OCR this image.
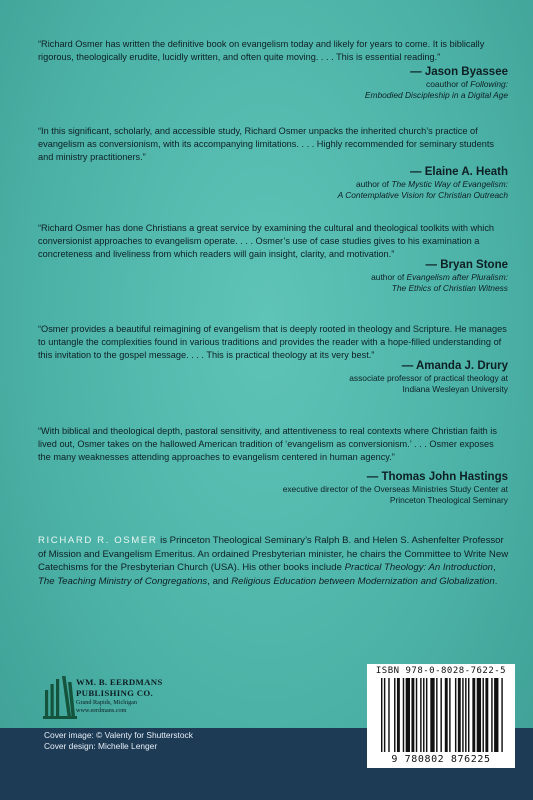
“Richard Osmer has written the definitive book on evangelism today and likely for years to come. It is biblically rigorous, theologically erudite, lucidly written, and often quite moving. . . . This is essential reading.”

— Jason Byassee
coauthor of Following:
Embodied Discipleship in a Digital Age

“In this significant, scholarly, and accessible study, Richard Osmer unpacks the inherited church’s practice of evangelism as conversionism, with its accompanying limitations. . . . Highly recommended for seminary students and ministry practitioners.”

— Elaine A. Heath
author of The Mystic Way of Evangelism:
A Contemplative Vision for Christian Outreach

“Richard Osmer has done Christians a great service by examining the cultural and theological toolkits with which conversionist approaches to evangelism operate. . . . Osmer’s use of case studies gives to his examination a concreteness and liveliness from which readers will gain insight, clarity, and motivation.”

— Bryan Stone
author of Evangelism after Pluralism:
The Ethics of Christian Witness

“Osmer provides a beautiful reimagining of evangelism that is deeply rooted in theology and Scripture. He manages to untangle the complexities found in various traditions and provides the reader with a hope-filled understanding of this invitation to the gospel message. . . . This is practical theology at its very best.”

— Amanda J. Drury
associate professor of practical theology at
Indiana Wesleyan University

“With biblical and theological depth, pastoral sensitivity, and attentiveness to real contexts where Christian faith is lived out, Osmer takes on the hallowed American tradition of ‘evangelism as conversionism.’ . . . Osmer exposes the many weaknesses attending approaches to evangelism centered in human agency.”

— Thomas John Hastings
executive director of the Overseas Ministries Study Center at
Princeton Theological Seminary
RICHARD R. OSMER is Princeton Theological Seminary’s Ralph B. and Helen S. Ashenfelter Professor of Mission and Evangelism Emeritus. An ordained Presbyterian minister, he chairs the Committee to Write New Catechisms for the Presbyterian Church (USA). His other books include Practical Theology: An Introduction, The Teaching Ministry of Congregations, and Religious Education between Modernization and Globalization.
WM. B. EERDMANS
PUBLISHING CO.
Grand Rapids, Michigan
www.eerdmans.com
Cover image: © Valenty for Shutterstock
Cover design: Michelle Lenger
ISBN 978-0-8028-7622-5
9 780802 876225
